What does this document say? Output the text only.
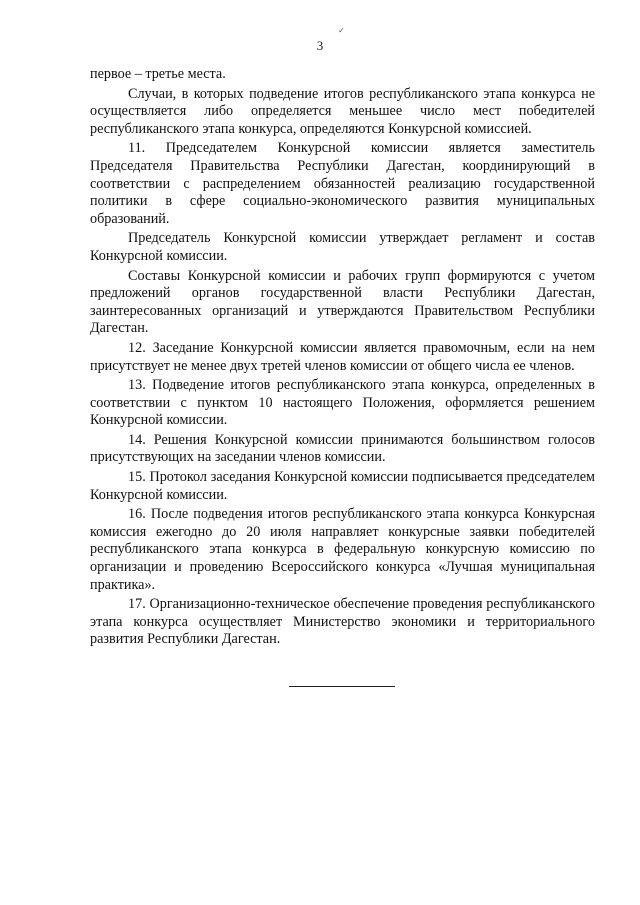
✓
3

первое – третье места.

Случаи, в которых подведение итогов республиканского этапа конкурса не осуществляется либо определяется меньшее число мест победителей республиканского этапа конкурса, определяются Конкурсной комиссией.

11. Председателем Конкурсной комиссии является заместитель Председателя Правительства Республики Дагестан, координирующий в соответствии с распределением обязанностей реализацию государственной политики в сфере социально-экономического развития муниципальных образований.

Председатель Конкурсной комиссии утверждает регламент и состав Конкурсной комиссии.

Составы Конкурсной комиссии и рабочих групп формируются с учетом предложений органов государственной власти Республики Дагестан, заинтересованных организаций и утверждаются Правительством Республики Дагестан.

12. Заседание Конкурсной комиссии является правомочным, если на нем присутствует не менее двух третей членов комиссии от общего числа ее членов.

13. Подведение итогов республиканского этапа конкурса, определенных в соответствии с пунктом 10 настоящего Положения, оформляется решением Конкурсной комиссии.

14. Решения Конкурсной комиссии принимаются большинством голосов присутствующих на заседании членов комиссии.

15. Протокол заседания Конкурсной комиссии подписывается председателем Конкурсной комиссии.

16. После подведения итогов республиканского этапа конкурса Конкурсная комиссия ежегодно до 20 июля направляет конкурсные заявки победителей республиканского этапа конкурса в федеральную конкурсную комиссию по организации и проведению Всероссийского конкурса «Лучшая муниципальная практика».

17. Организационно-техническое обеспечение проведения республиканского этапа конкурса осуществляет Министерство экономики и территориального развития Республики Дагестан.
